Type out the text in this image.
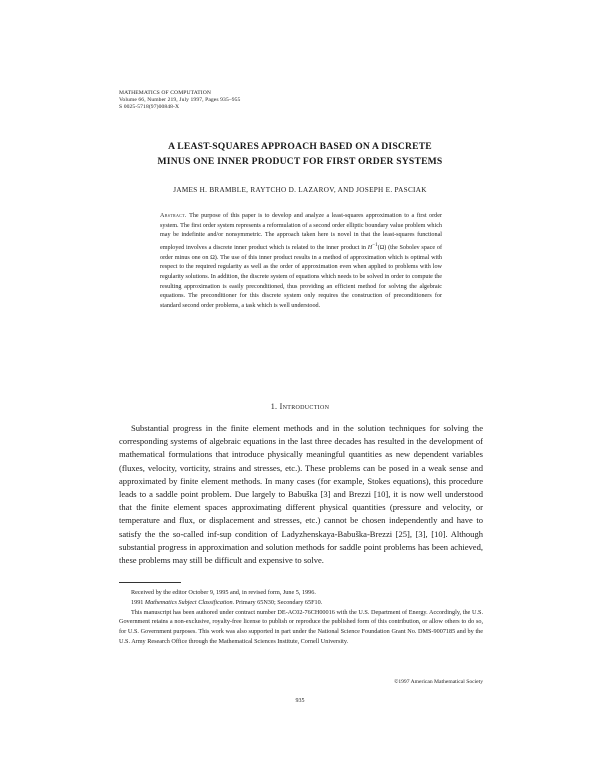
MATHEMATICS OF COMPUTATION
Volume 66, Number 219, July 1997, Pages 935–955
S 0025-5718(97)00848-X
A LEAST-SQUARES APPROACH BASED ON A DISCRETE
MINUS ONE INNER PRODUCT FOR FIRST ORDER SYSTEMS
JAMES H. BRAMBLE, RAYTCHO D. LAZAROV, AND JOSEPH E. PASCIAK
Abstract. The purpose of this paper is to develop and analyze a least-squares approximation to a first order system. The first order system represents a reformulation of a second order elliptic boundary value problem which may be indefinite and/or nonsymmetric. The approach taken here is novel in that the least-squares functional employed involves a discrete inner product which is related to the inner product in $H^{-1}(\Omega)$ (the Sobolev space of order minus one on Ω). The use of this inner product results in a method of approximation which is optimal with respect to the required regularity as well as the order of approximation even when applied to problems with low regularity solutions. In addition, the discrete system of equations which needs to be solved in order to compute the resulting approximation is easily preconditioned, thus providing an efficient method for solving the algebraic equations. The preconditioner for this discrete system only requires the construction of preconditioners for standard second order problems, a task which is well understood.
1. Introduction
Substantial progress in the finite element methods and in the solution techniques for solving the corresponding systems of algebraic equations in the last three decades has resulted in the development of mathematical formulations that introduce physically meaningful quantities as new dependent variables (fluxes, velocity, vorticity, strains and stresses, etc.). These problems can be posed in a weak sense and approximated by finite element methods. In many cases (for example, Stokes equations), this procedure leads to a saddle point problem. Due largely to Babuška [3] and Brezzi [10], it is now well understood that the finite element spaces approximating different physical quantities (pressure and velocity, or temperature and flux, or displacement and stresses, etc.) cannot be chosen independently and have to satisfy the the so-called inf-sup condition of Ladyzhenskaya-Babuška-Brezzi [25], [3], [10]. Although substantial progress in approximation and solution methods for saddle point problems has been achieved, these problems may still be difficult and expensive to solve.

Received by the editor October 9, 1995 and, in revised form, June 5, 1996.

1991 Mathematics Subject Classification. Primary 65N30; Secondary 65F10.

This manuscript has been authored under contract number DE-AC02-76CH00016 with the U.S. Department of Energy. Accordingly, the U.S. Government retains a non-exclusive, royalty-free license to publish or reproduce the published form of this contribution, or allow others to do so, for U.S. Government purposes. This work was also supported in part under the National Science Foundation Grant No. DMS-9007185 and by the U.S. Army Research Office through the Mathematical Sciences Institute, Cornell University.

©1997 American Mathematical Society
935
